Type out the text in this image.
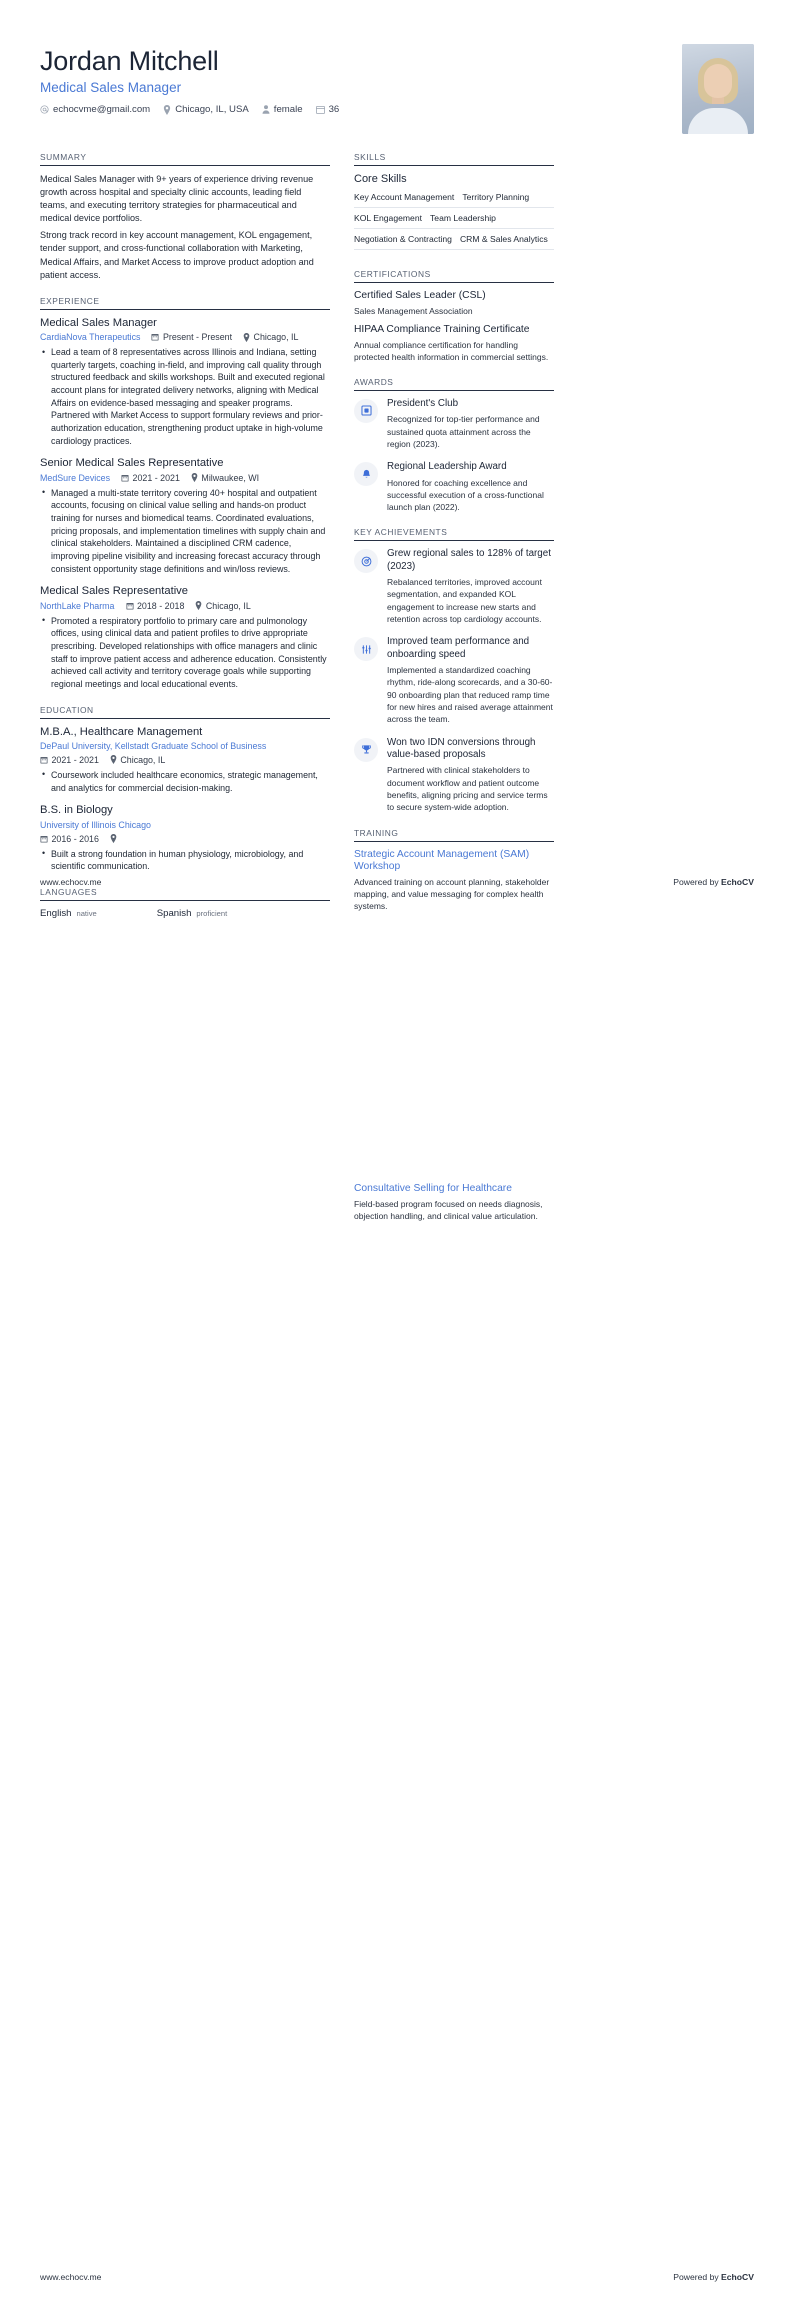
Jordan Mitchell
Medical Sales Manager
echocvme@gmail.com	Chicago, IL, USA	female	36
SUMMARY

Medical Sales Manager with 9+ years of experience driving revenue growth across hospital and specialty clinic accounts, leading field teams, and executing territory strategies for pharmaceutical and medical device portfolios.

Strong track record in key account management, KOL engagement, tender support, and cross-functional collaboration with Marketing, Medical Affairs, and Market Access to improve product adoption and patient access.

EXPERIENCE
Medical Sales Manager
CardiaNova Therapeutics	Present - Present Chicago, IL
• Lead a team of 8 representatives across Illinois and Indiana, setting quarterly targets, coaching in-field, and improving call quality through structured feedback and skills workshops. Built and executed regional account plans for integrated delivery networks, aligning with Medical Affairs on evidence-based messaging and speaker programs. Partnered with Market Access to support formulary reviews and prior-authorization education, strengthening product uptake in high-volume cardiology practices.
Senior Medical Sales Representative
MedSure Devices	2021 - 2021 Milwaukee, WI
• Managed a multi-state territory covering 40+ hospital and outpatient accounts, focusing on clinical value selling and hands-on product training for nurses and biomedical teams. Coordinated evaluations, pricing proposals, and implementation timelines with supply chain and clinical stakeholders. Maintained a disciplined CRM cadence, improving pipeline visibility and increasing forecast accuracy through consistent opportunity stage definitions and win/loss reviews.
Medical Sales Representative
NorthLake Pharma	2018 - 2018 Chicago, IL
• Promoted a respiratory portfolio to primary care and pulmonology offices, using clinical data and patient profiles to drive appropriate prescribing. Developed relationships with office managers and clinic staff to improve patient access and adherence education. Consistently achieved call activity and territory coverage goals while supporting regional meetings and local educational events.
EDUCATION
M.B.A., Healthcare Management
DePaul University, Kellstadt Graduate School of Business
2021 - 2021 Chicago, IL
• Coursework included healthcare economics, strategic management, and analytics for commercial decision-making.
B.S. in Biology
University of Illinois Chicago
2016 - 2016
• Built a strong foundation in human physiology, microbiology, and scientific communication.
LANGUAGES
English native	Spanish proficient
SKILLS
Core Skills
Key Account Management Territory Planning
KOL Engagement Team Leadership
Negotiation & Contracting CRM & Sales Analytics
CERTIFICATIONS
Certified Sales Leader (CSL)
Sales Management Association
HIPAA Compliance Training Certificate
Annual compliance certification for handling protected health information in commercial settings.
AWARDS
President's Club
Recognized for top-tier performance and sustained quota attainment across the region (2023).
Regional Leadership Award
Honored for coaching excellence and successful execution of a cross-functional launch plan (2022).
KEY ACHIEVEMENTS
Grew regional sales to 128% of target (2023)
Rebalanced territories, improved account segmentation, and expanded KOL engagement to increase new starts and retention across top cardiology accounts.
Improved team performance and onboarding speed
Implemented a standardized coaching rhythm, ride-along scorecards, and a 30-60-90 onboarding plan that reduced ramp time for new hires and raised average attainment across the team.
Won two IDN conversions through value-based proposals
Partnered with clinical stakeholders to document workflow and patient outcome benefits, aligning pricing and service terms to secure system-wide adoption.
TRAINING
Strategic Account Management (SAM) Workshop
Advanced training on account planning, stakeholder mapping, and value messaging for complex health systems.
www.echocv.me	Powered by EchoCV
Consultative Selling for Healthcare
Field-based program focused on needs diagnosis, objection handling, and clinical value articulation.
www.echocv.me	Powered by EchoCV
